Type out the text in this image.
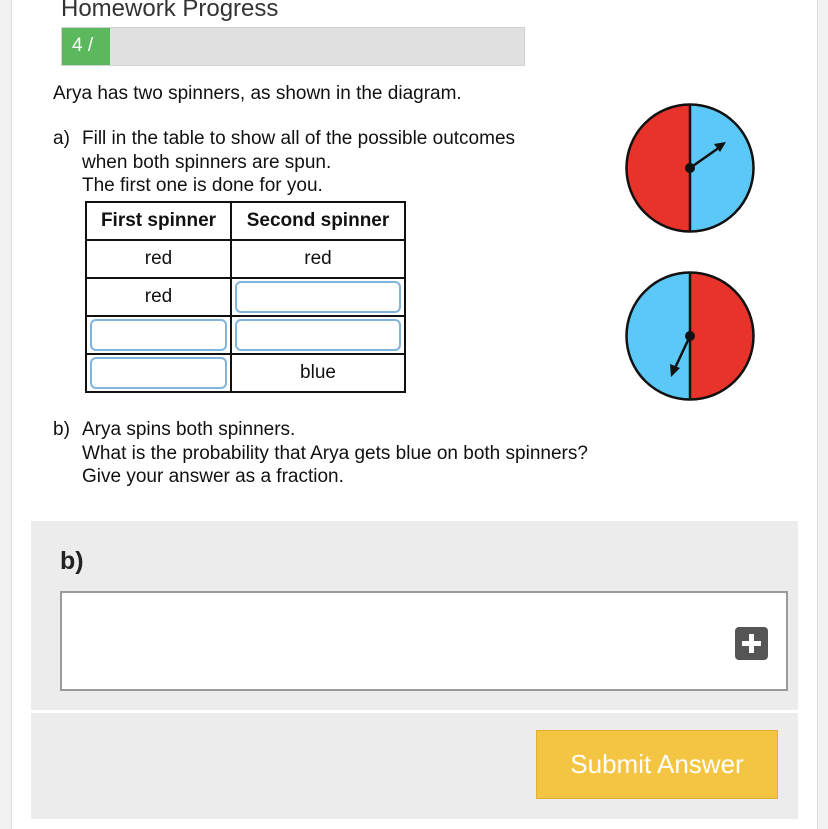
Homework Progress
4 /
Arya has two spinners, as shown in the diagram.
a) Fill in the table to show all of the possible outcomes
when both spinners are spun.
The first one is done for you.
First spinner	Second spinner
red	red
red	

	blue
b) Arya spins both spinners.
What is the probability that Arya gets blue on both spinners?
Give your answer as a fraction.
b)
Submit Answer
